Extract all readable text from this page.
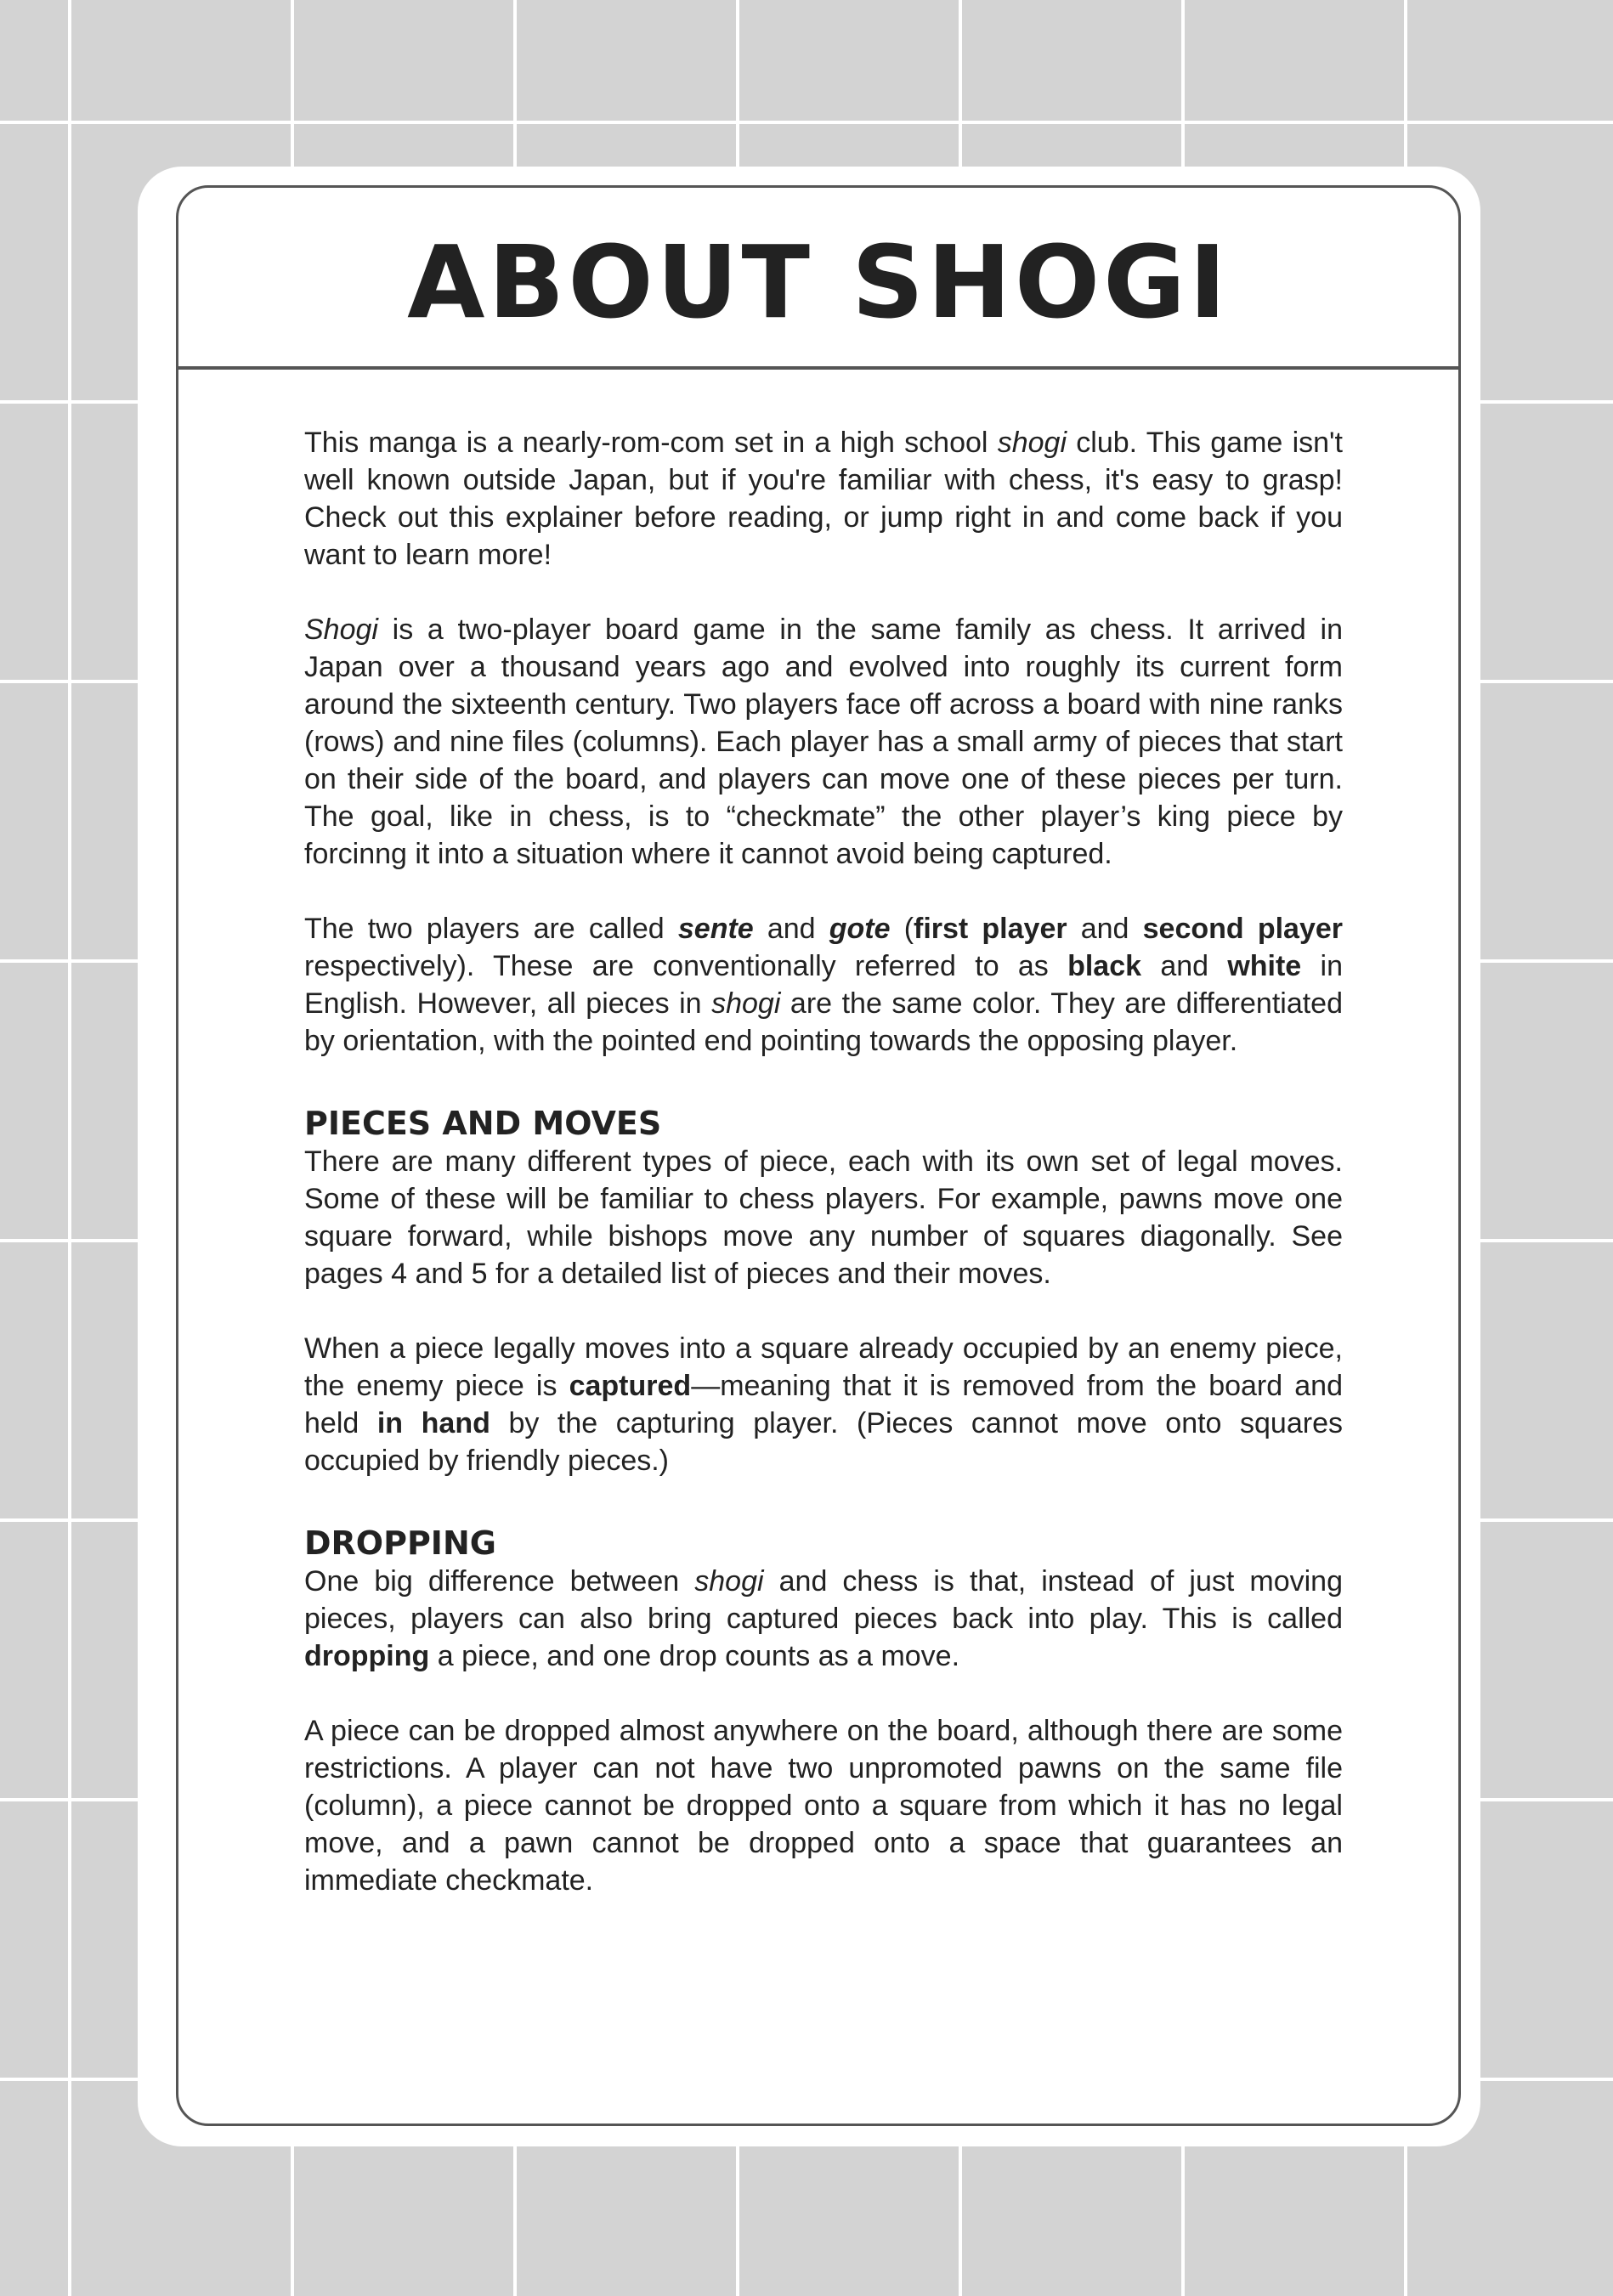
ABOUT SHOGI

This manga is a nearly-rom-com set in a high school shogi club. This game isn't well known outside Japan, but if you're familiar with chess, it's easy to grasp! Check out this explainer before reading, or jump right in and come back if you want to learn more!

Shogi is a two-player board game in the same family as chess. It arrived in Japan over a thousand years ago and evolved into roughly its current form around the sixteenth century. Two players face off across a board with nine ranks (rows) and nine files (columns). Each player has a small army of pieces that start on their side of the board, and players can move one of these pieces per turn. The goal, like in chess, is to “checkmate” the other player’s king piece by forcinng it into a situation where it cannot avoid being captured.

The two players are called sente and gote (first player and second player respectively). These are conventionally referred to as black and white in English. However, all pieces in shogi are the same color. They are differentiated by orientation, with the pointed end pointing towards the opposing player.

PIECES AND MOVES

There are many different types of piece, each with its own set of legal moves. Some of these will be familiar to chess players. For example, pawns move one square forward, while bishops move any number of squares diagonally. See pages 4 and 5 for a detailed list of pieces and their moves.

When a piece legally moves into a square already occupied by an enemy piece, the enemy piece is captured—meaning that it is removed from the board and held in hand by the capturing player. (Pieces cannot move onto squares occupied by friendly pieces.)

DROPPING

One big difference between shogi and chess is that, instead of just moving pieces, players can also bring captured pieces back into play. This is called dropping a piece, and one drop counts as a move.

A piece can be dropped almost anywhere on the board, although there are some restrictions. A player can not have two unpromoted pawns on the same file (column), a piece cannot be dropped onto a square from which it has no legal move, and a pawn cannot be dropped onto a space that guarantees an immediate checkmate.
